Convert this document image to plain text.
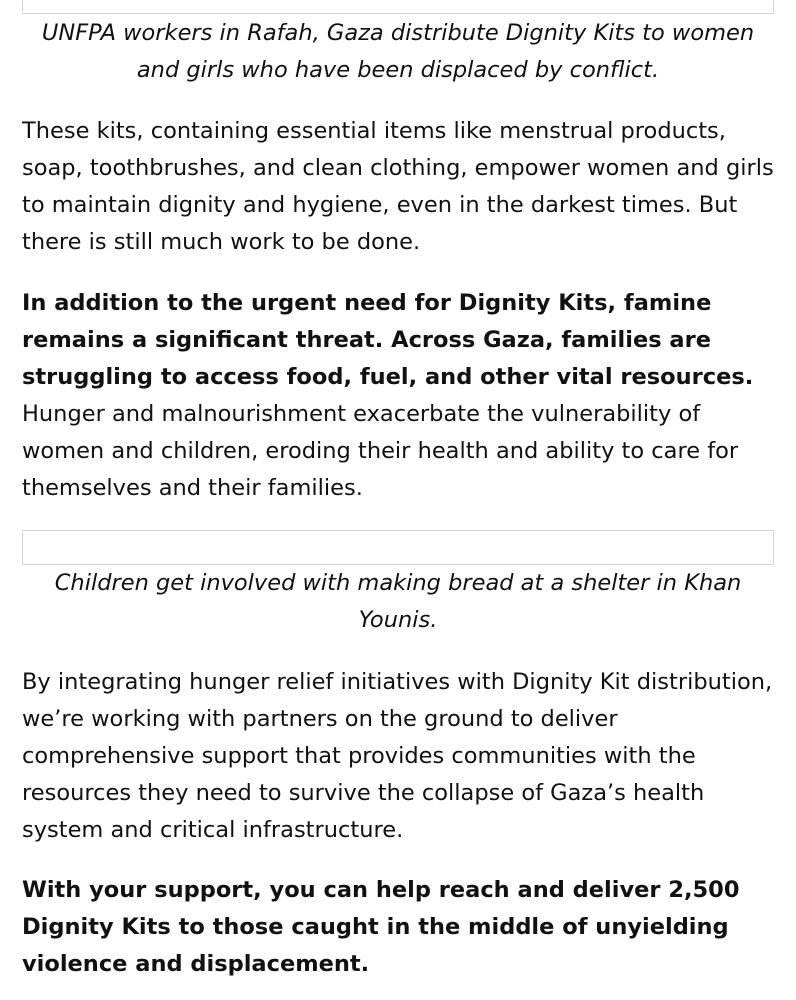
UNFPA workers in Rafah, Gaza distribute Dignity Kits to women and girls who have been displaced by conflict.

These kits, containing essential items like menstrual products, soap, toothbrushes, and clean clothing, empower women and girls to maintain dignity and hygiene, even in the darkest times. But there is still much work to be done.

In addition to the urgent need for Dignity Kits, famine remains a significant threat. Across Gaza, families are struggling to access food, fuel, and other vital resources. Hunger and malnourishment exacerbate the vulnerability of women and children, eroding their health and ability to care for themselves and their families.

Children get involved with making bread at a shelter in Khan Younis.

By integrating hunger relief initiatives with Dignity Kit distribution, we’re working with partners on the ground to deliver comprehensive support that provides communities with the resources they need to survive the collapse of Gaza’s health system and critical infrastructure.

With your support, you can help reach and deliver 2,500 Dignity Kits to those caught in the middle of unyielding violence and displacement.
